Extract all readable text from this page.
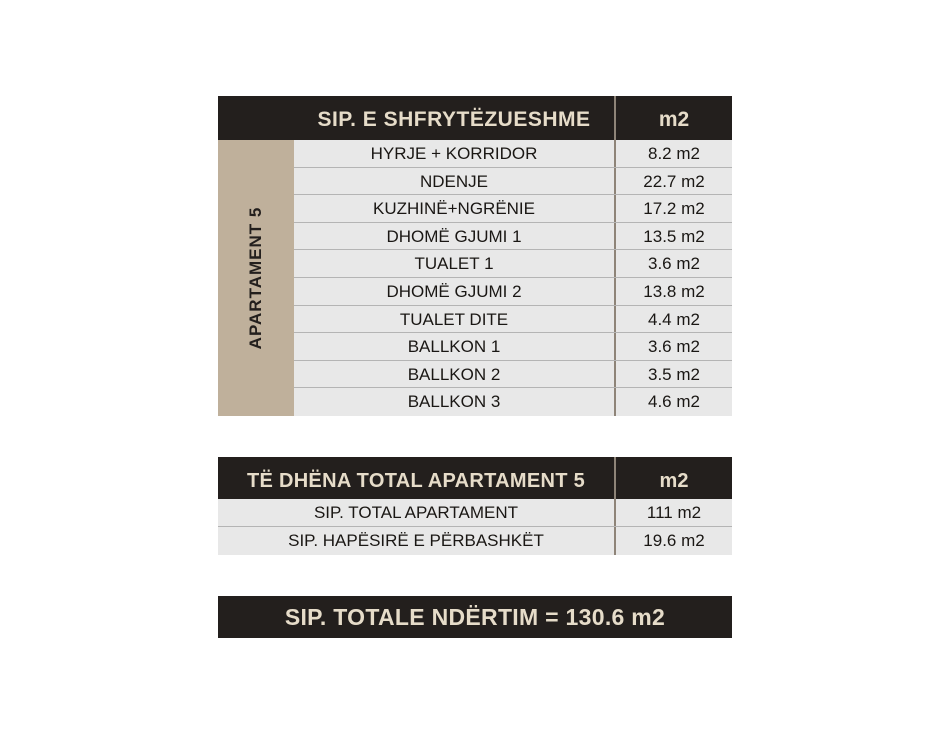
SIP. E SHFRYTËZUESHME	m2
APARTAMENT 5
HYRJE + KORRIDOR	8.2 m2
NDENJE	22.7 m2
KUZHINË+NGRËNIE	17.2 m2
DHOMË GJUMI 1	13.5 m2
TUALET 1	3.6 m2
DHOMË GJUMI 2	13.8 m2
TUALET DITE	4.4 m2
BALLKON 1	3.6 m2
BALLKON 2	3.5 m2
BALLKON 3	4.6 m2
TË DHËNA TOTAL APARTAMENT 5	m2
SIP. TOTAL APARTAMENT	111 m2
SIP. HAPËSIRË E PËRBASHKËT	19.6 m2
SIP. TOTALE NDËRTIM = 130.6 m2
